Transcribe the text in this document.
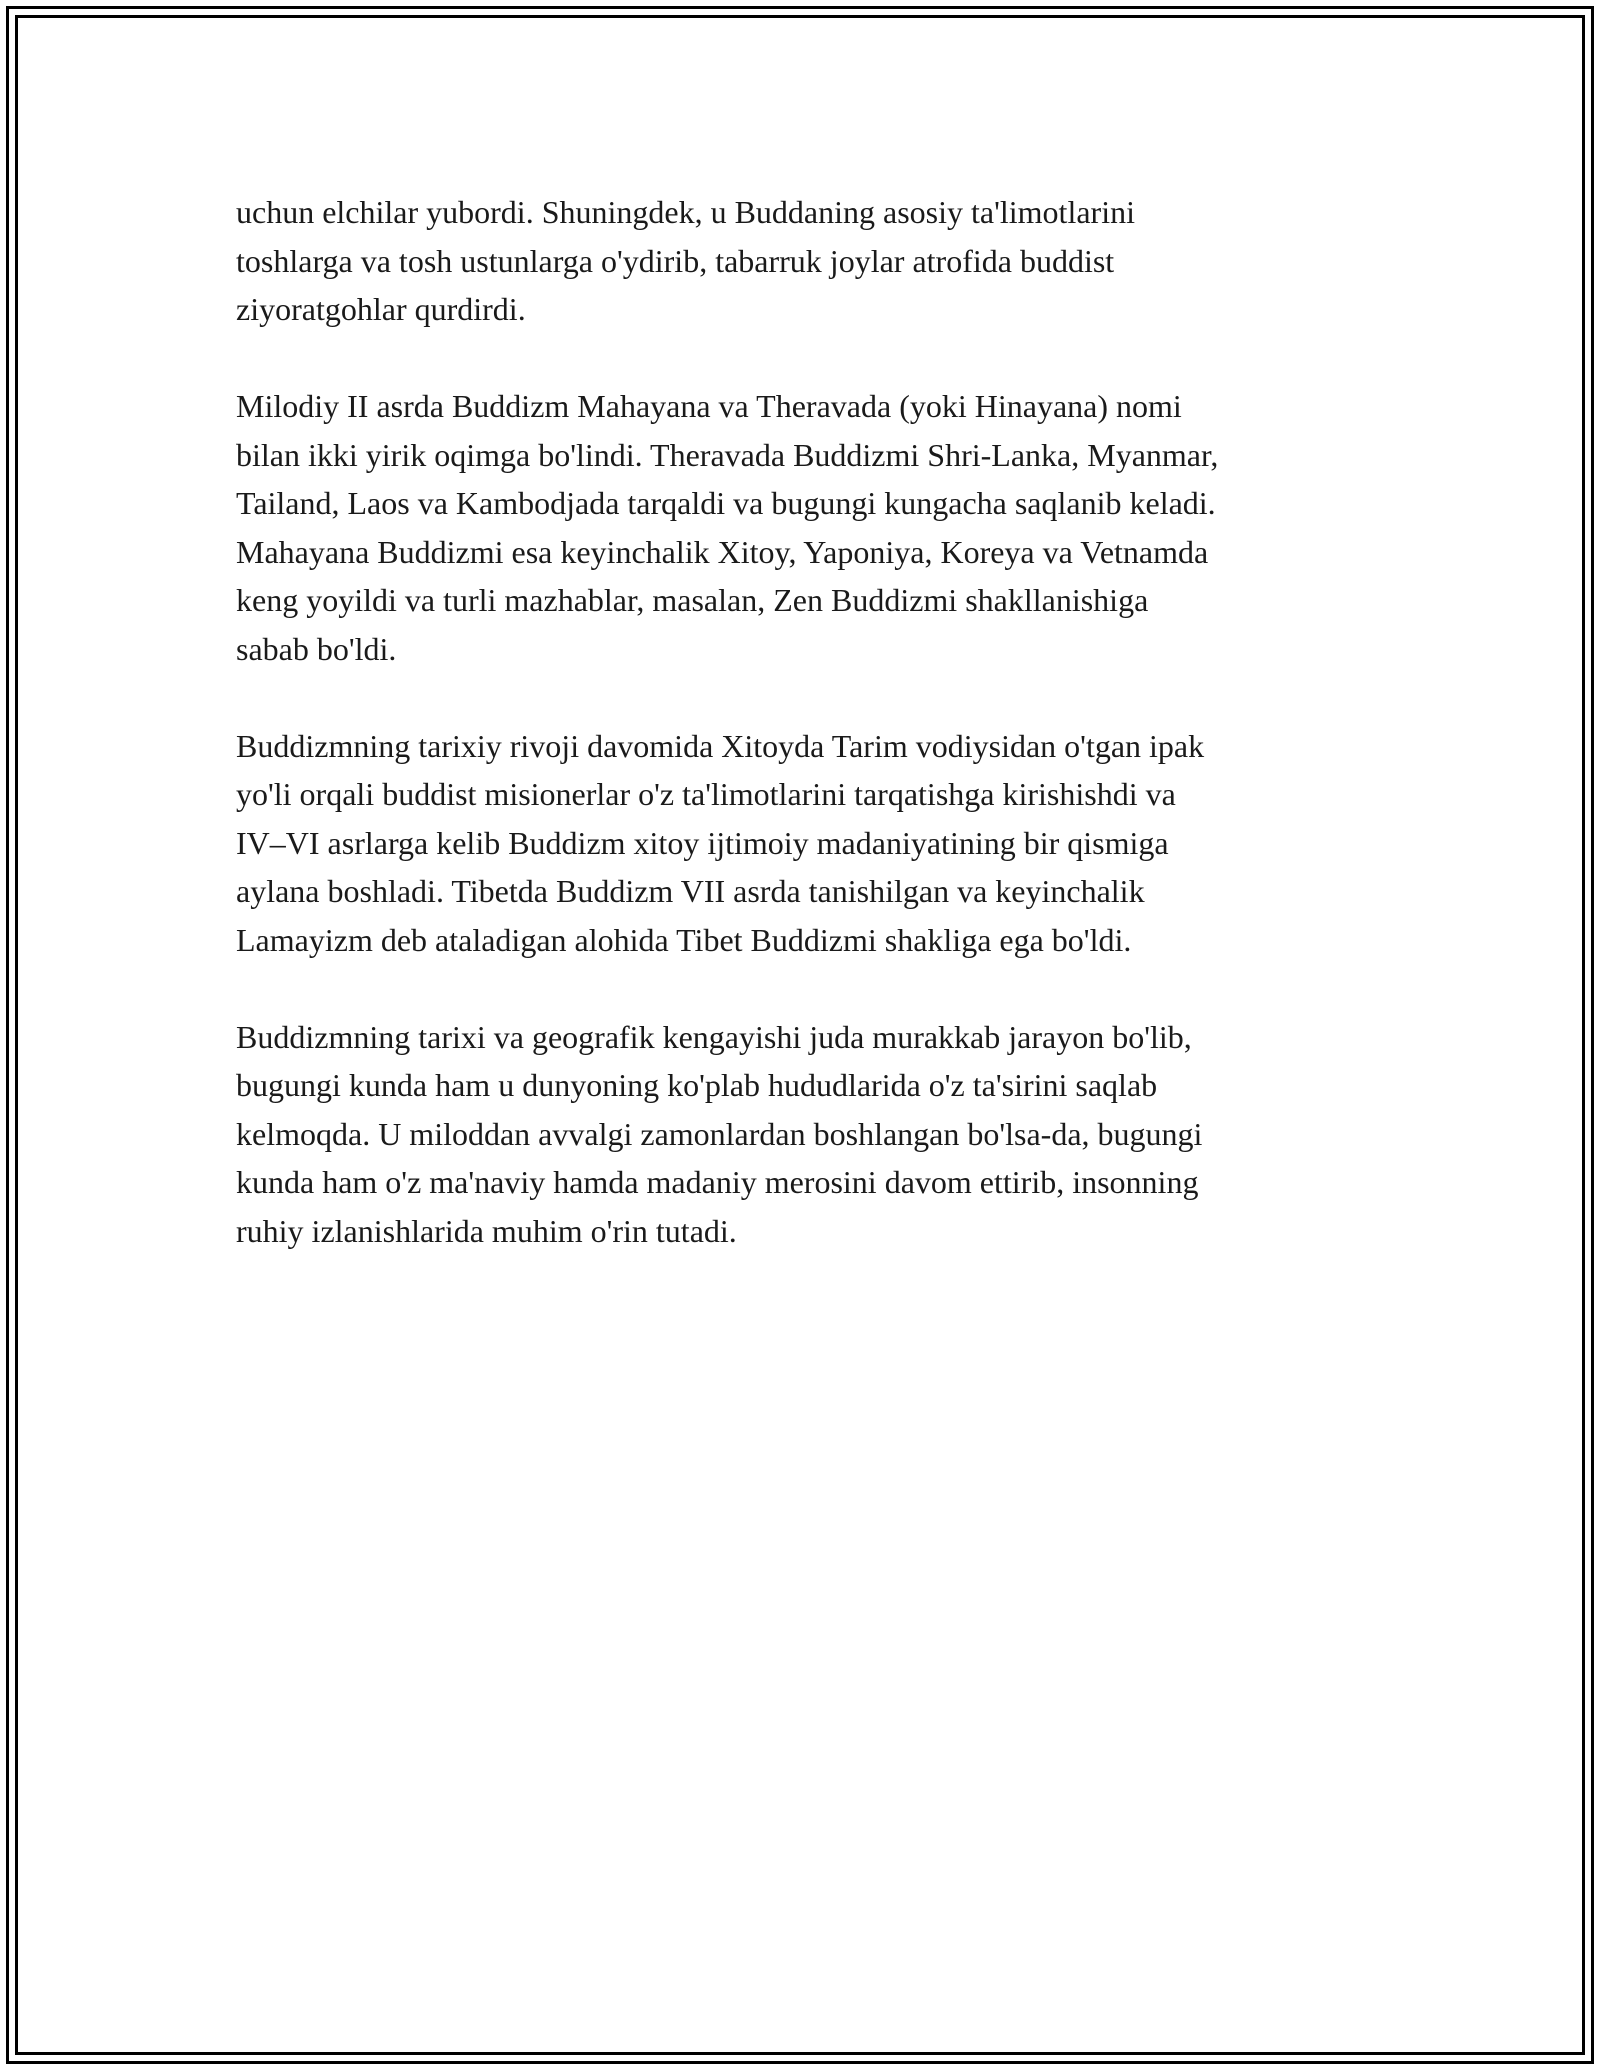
uchun elchilar yubordi. Shuningdek, u Buddaning asosiy ta'limotlarini
toshlarga va tosh ustunlarga o'ydirib, tabarruk joylar atrofida buddist
ziyoratgohlar qurdirdi.

Milodiy II asrda Buddizm Mahayana va Theravada (yoki Hinayana) nomi
bilan ikki yirik oqimga bo'lindi. Theravada Buddizmi Shri-Lanka, Myanmar,
Tailand, Laos va Kambodjada tarqaldi va bugungi kungacha saqlanib keladi.
Mahayana Buddizmi esa keyinchalik Xitoy, Yaponiya, Koreya va Vetnamda
keng yoyildi va turli mazhablar, masalan, Zen Buddizmi shakllanishiga
sabab bo'ldi.

Buddizmning tarixiy rivoji davomida Xitoyda Tarim vodiysidan o'tgan ipak
yo'li orqali buddist misionerlar o'z ta'limotlarini tarqatishga kirishishdi va
IV–VI asrlarga kelib Buddizm xitoy ijtimoiy madaniyatining bir qismiga
aylana boshladi. Tibetda Buddizm VII asrda tanishilgan va keyinchalik
Lamayizm deb ataladigan alohida Tibet Buddizmi shakliga ega bo'ldi.

Buddizmning tarixi va geografik kengayishi juda murakkab jarayon bo'lib,
bugungi kunda ham u dunyoning ko'plab hududlarida o'z ta'sirini saqlab
kelmoqda. U miloddan avvalgi zamonlardan boshlangan bo'lsa-da, bugungi
kunda ham o'z ma'naviy hamda madaniy merosini davom ettirib, insonning
ruhiy izlanishlarida muhim o'rin tutadi.
